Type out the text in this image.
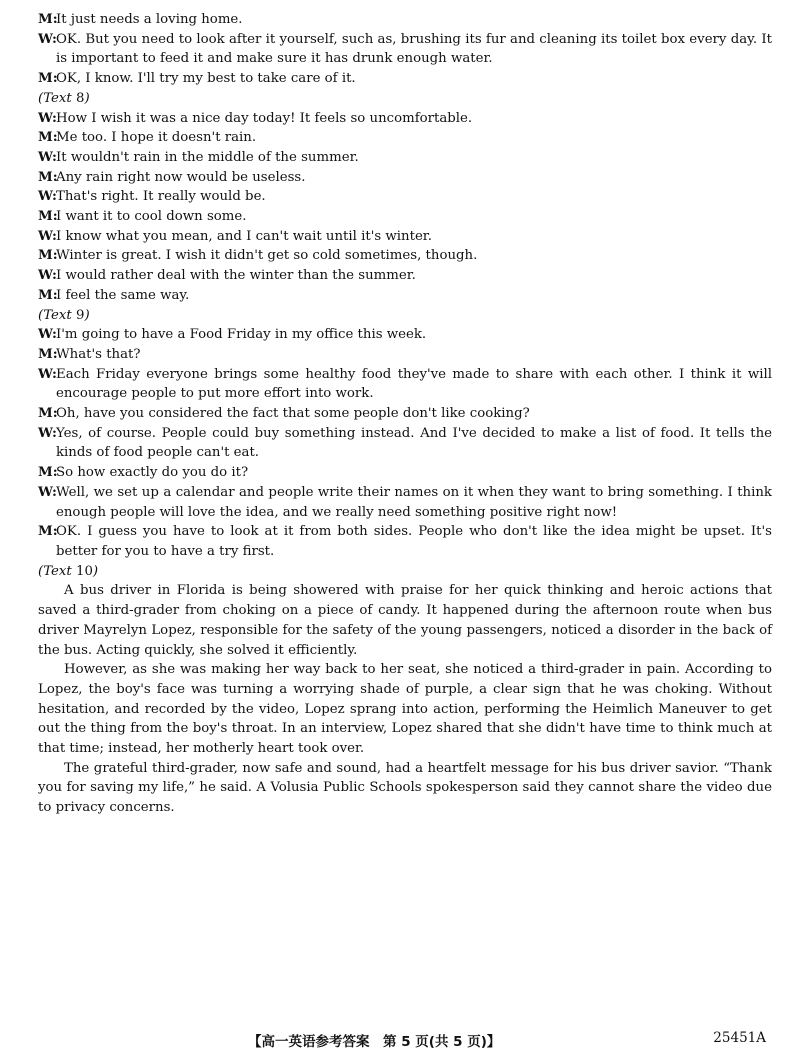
M:
It just needs a loving home.
W: OK. But you need to look after it yourself, such as, brushing its fur and cleaning its toilet box every day. It is important to feed it and make sure it has drunk enough water.
M:
OK, I know. I'll try my best to take care of it.
(Text 8)
W: How I wish it was a nice day today! It feels so uncomfortable.
M:
Me too. I hope it doesn't rain.
W: It wouldn't rain in the middle of the summer.
M:
Any rain right now would be useless.
W: That's right. It really would be.
M:
I want it to cool down some.
W: I know what you mean, and I can't wait until it's winter.
M:
Winter is great. I wish it didn't get so cold sometimes, though.
W: I would rather deal with the winter than the summer.
M:
I feel the same way.
(Text 9)
W: I'm going to have a Food Friday in my office this week.
M:
What's that?
W: Each Friday everyone brings some healthy food they've made to share with each other. I think it will encourage people to put more effort into work.
M:
Oh, have you considered the fact that some people don't like cooking?
W: Yes, of course. People could buy something instead. And I've decided to make a list of food. It tells the kinds of food people can't eat.
M:
So how exactly do you do it?
W: Well, we set up a calendar and people write their names on it when they want to bring something. I think enough people will love the idea, and we really need something positive right now!
M:
OK. I guess you have to look at it from both sides. People who don't like the idea might be upset. It's better for you to have a try first.
(Text 10)
A bus driver in Florida is being showered with praise for her quick thinking and heroic actions that saved a third-grader from choking on a piece of candy. It happened during the afternoon route when bus driver Mayrelyn Lopez, responsible for the safety of the young passengers, noticed a disorder in the back of the bus. Acting quickly, she solved it efficiently.
However, as she was making her way back to her seat, she noticed a third-grader in pain. According to Lopez, the boy's face was turning a worrying shade of purple, a clear sign that he was choking. Without hesitation, and recorded by the video, Lopez sprang into action, performing the Heimlich Maneuver to get out the thing from the boy's throat. In an interview, Lopez shared that she didn't have time to think much at that time; instead, her motherly heart took over.
The grateful third-grader, now safe and sound, had a heartfelt message for his bus driver savior. “Thank you for saving my life,” he said. A Volusia Public Schools spokesperson said they cannot share the video due to privacy concerns.
【高一英语参考答案　第 5 页(共 5 页)】	25451A
